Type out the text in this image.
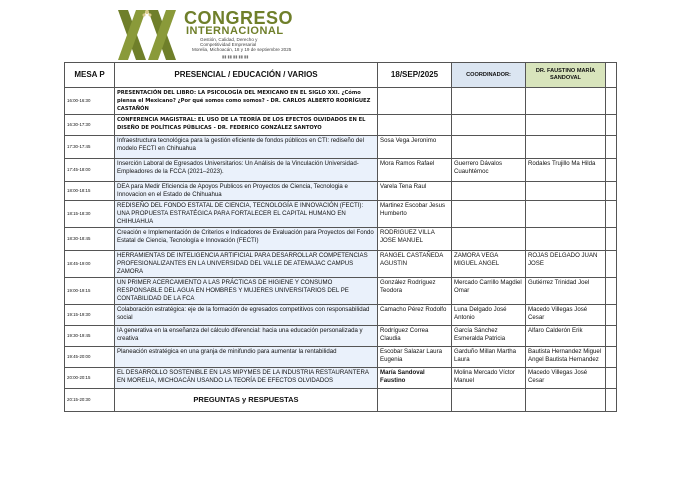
CONGRESO
INTERNACIONAL
Gestión, Calidad, Derecho y
Competitividad Empresarial
Morelia, Michoacán, 18 y 19 de septiembre 2025
▮▮ ▮▮ ▮▮ ▮▮ ▮▮
MESA P	PRESENCIAL / EDUCACIÓN / VARIOS	18/SEP/2025	COORDINADOR:	DR. FAUSTINO MARÍA SANDOVAL	
16:00-16:30	PRESENTACIÓN DEL LIBRO: LA PSICOLOGÍA DEL MEXICANO EN EL SIGLO XXI. ¿Cómo piensa el Mexicano? ¿Por qué somos como somos? - DR. CARLOS ALBERTO RODRÍGUEZ CASTAÑÓN				
16:30-17:30	CONFERENCIA MAGISTRAL: EL USO DE LA TEORÍA DE LOS EFECTOS OLVIDADOS EN EL DISEÑO DE POLÍTICAS PÚBLICAS - DR. FEDERICO GONZÁLEZ SANTOYO				
17:30-17:45	Infraestructura tecnológica para la gestión eficiente de fondos públicos en CTI: rediseño del modelo FECTI en Chihuahua	Sosa Vega Jeronimo			
17:45-18:00	Inserción Laboral de Egresados Universitarios: Un Análisis de la Vinculación Universidad-Empleadores de la FCCA (2021–2023).	Mora Ramos Rafael	Guerrero Dávalos Cuauhtémoc	Rodales Trujillo Ma Hilda	
18:00-18:15	DEA para Medir Eficiencia de Apoyos Publicos en Proyectos de Ciencia, Tecnologia e Innovacion en el Estado de Chihuahua	Varela Tena Raul			
18:15-18:30	REDISEÑO DEL FONDO ESTATAL DE CIENCIA, TECNOLOGÍA E INNOVACIÓN (FECTI): UNA PROPUESTA ESTRATÉGICA PARA FORTALECER EL CAPITAL HUMANO EN CHIHUAHUA	Martinez Escobar Jesus Humberto			
18:30-18:45	Creación e Implementación de Criterios e Indicadores de Evaluación para Proyectos del Fondo Estatal de Ciencia, Tecnología e Innovación (FECTI)	RODRIGUEZ VILLA JOSE MANUEL			
18:45-19:00	HERRAMIENTAS DE INTELIGENCIA ARTIFICIAL PARA DESARROLLAR COMPETENCIAS PROFESIONALIZANTES EN LA UNIVERSIDAD DEL VALLE DE ATEMAJAC CAMPUS ZAMORA	RANGEL CASTAÑEDA AGUSTIN	ZAMORA VEGA MIGUEL ANGEL	ROJAS DELGADO JUAN JOSE	
19:00-19:15	UN PRIMER ACERCAMIENTO A LAS PRÁCTICAS DE HIGIENE Y CONSUMO RESPONSABLE DEL AGUA EN HOMBRES Y MUJERES UNIVERSITARIOS DEL PE CONTABILIDAD DE LA FCA	González Rodríguez Teodora	Mercado Carrillo Magdiel Omar	Gutiérrez Trinidad Joel	
19:15-19:30	Colaboración estratégica: eje de la formación de egresados competitivos con responsabilidad social	Camacho Pérez Rodolfo	Luna Delgado José Antonio	Macedo Villegas José Cesar	
19:30-19:45	IA generativa en la enseñanza del cálculo diferencial: hacia una educación personalizada y creativa	Rodríguez Correa Claudia	García Sánchez Esmeralda Patricia	Alfaro Calderón Erik	
19:45-20:00	Planeación estratégica en una granja de minifundio para aumentar la rentabilidad	Escobar Salazar Laura Eugenia	Garduño Millan Martha Laura	Bautista Hernandez Miguel Angel Bautista Hernandez	
20:00-20:15	EL DESARROLLO SOSTENIBLE EN LAS MIPYMES DE LA INDUSTRIA RESTAURANTERA EN MORELIA, MICHOACÁN USANDO LA TEORÍA DE EFECTOS OLVIDADOS	María Sandoval Faustino	Molina Mercado Víctor Manuel	Macedo Villegas José Cesar	
20:15-20:30	PREGUNTAS y RESPUESTAS				
